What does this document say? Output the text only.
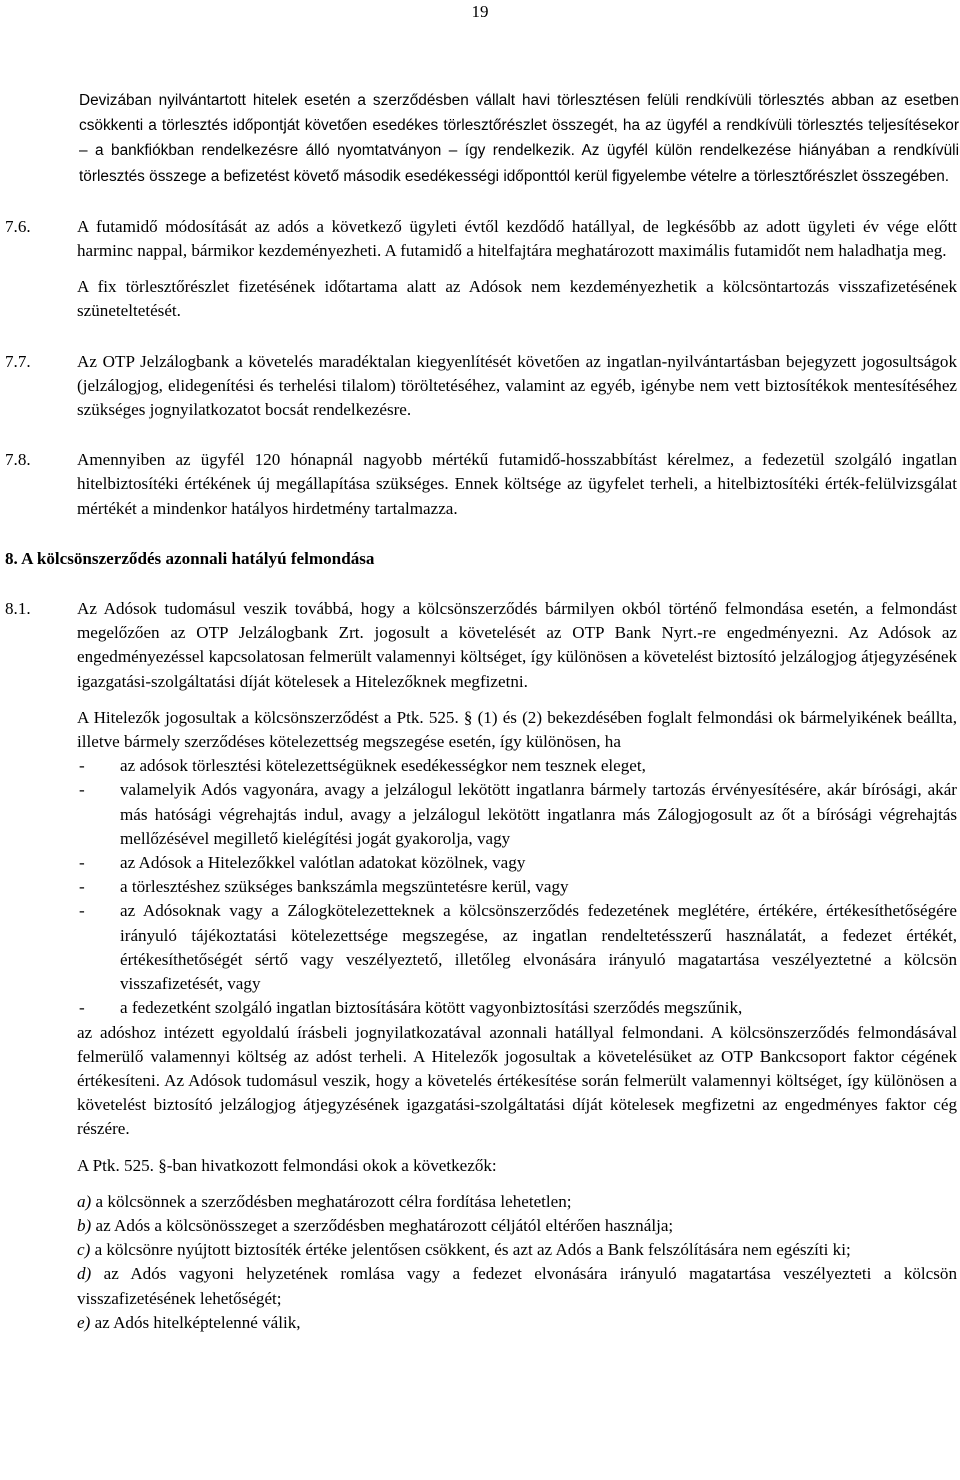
19

Devizában nyilvántartott hitelek esetén a szerződésben vállalt havi törlesztésen felüli rendkívüli törlesztés abban az esetben csökkenti a törlesztés időpontját követően esedékes törlesztőrészlet összegét, ha az ügyfél a rendkívüli törlesztés teljesítésekor – a bankfiókban rendelkezésre álló nyomtatványon – így rendelkezik. Az ügyfél külön rendelkezése hiányában a rendkívüli törlesztés összege a befizetést követő második esedékességi időponttól kerül figyelembe vételre a törlesztőrészlet összegében.

7.6.	A futamidő módosítását az adós a következő ügyleti évtől kezdődő hatállyal, de legkésőbb az adott ügyleti év vége előtt harminc nappal, bármikor kezdeményezheti. A futamidő a hitelfajtára meghatározott maximális futamidőt nem haladhatja meg.

A fix törlesztőrészlet fizetésének időtartama alatt az Adósok nem kezdeményezhetik a kölcsöntartozás visszafizetésének szüneteltetését.

7.7.	Az OTP Jelzálogbank a követelés maradéktalan kiegyenlítését követően az ingatlan-nyilvántartásban bejegyzett jogosultságok (jelzálogjog, elidegenítési és terhelési tilalom) töröltetéséhez, valamint az egyéb, igénybe nem vett biztosítékok mentesítéséhez szükséges jognyilatkozatot bocsát rendelkezésre.

7.8.	Amennyiben az ügyfél 120 hónapnál nagyobb mértékű futamidő-hosszabbítást kérelmez, a fedezetül szolgáló ingatlan hitelbiztosítéki értékének új megállapítása szükséges. Ennek költsége az ügyfelet terheli, a hitelbiztosítéki érték-felülvizsgálat mértékét a mindenkor hatályos hirdetmény tartalmazza.

8. A kölcsönszerződés azonnali hatályú felmondása
8.1.	Az Adósok tudomásul veszik továbbá, hogy a kölcsönszerződés bármilyen okból történő felmondása esetén, a felmondást megelőzően az OTP Jelzálogbank Zrt. jogosult a követelését az OTP Bank Nyrt.-re engedményezni. Az Adósok az engedményezéssel kapcsolatosan felmerült valamennyi költséget, így különösen a követelést biztosító jelzálogjog átjegyzésének igazgatási-szolgáltatási díját kötelesek a Hitelezőknek megfizetni.

A Hitelezők jogosultak a kölcsönszerződést a Ptk. 525. § (1) és (2) bekezdésében foglalt felmondási ok bármelyikének beállta, illetve bármely szerződéses kötelezettség megszegése esetén, így különösen, ha

- az adósok törlesztési kötelezettségüknek esedékességkor nem tesznek eleget,

- valamelyik Adós vagyonára, avagy a jelzálogul lekötött ingatlanra bármely tartozás érvényesítésére, akár bírósági, akár más hatósági végrehajtás indul, avagy a jelzálogul lekötött ingatlanra más Zálogjogosult az őt a bírósági végrehajtás mellőzésével megillető kielégítési jogát gyakorolja, vagy

- az Adósok a Hitelezőkkel valótlan adatokat közölnek, vagy

- a törlesztéshez szükséges bankszámla megszüntetésre kerül, vagy

- az Adósoknak vagy a Zálogkötelezetteknek a kölcsönszerződés fedezetének meglétére, értékére, értékesíthetőségére irányuló tájékoztatási kötelezettsége megszegése, az ingatlan rendeltetésszerű használatát, a fedezet értékét, értékesíthetőségét sértő vagy veszélyeztető, illetőleg elvonására irányuló magatartása veszélyeztetné a kölcsön visszafizetését, vagy

- a fedezetként szolgáló ingatlan biztosítására kötött vagyonbiztosítási szerződés megszűnik,

az adóshoz intézett egyoldalú írásbeli jognyilatkozatával azonnali hatállyal felmondani. A kölcsönszerződés felmondásával felmerülő valamennyi költség az adóst terheli. A Hitelezők jogosultak a követelésüket az OTP Bankcsoport faktor cégének értékesíteni. Az Adósok tudomásul veszik, hogy a követelés értékesítése során felmerült valamennyi költséget, így különösen a követelést biztosító jelzálogjog átjegyzésének igazgatási-szolgáltatási díját kötelesek megfizetni az engedményes faktor cég részére.

A Ptk. 525. §-ban hivatkozott felmondási okok a következők:

a) a kölcsönnek a szerződésben meghatározott célra fordítása lehetetlen;

b) az Adós a kölcsönösszeget a szerződésben meghatározott céljától eltérően használja;

c) a kölcsönre nyújtott biztosíték értéke jelentősen csökkent, és azt az Adós a Bank felszólítására nem egészíti ki;

d) az Adós vagyoni helyzetének romlása vagy a fedezet elvonására irányuló magatartása veszélyezteti a kölcsön visszafizetésének lehetőségét;

e) az Adós hitelképtelenné válik,
